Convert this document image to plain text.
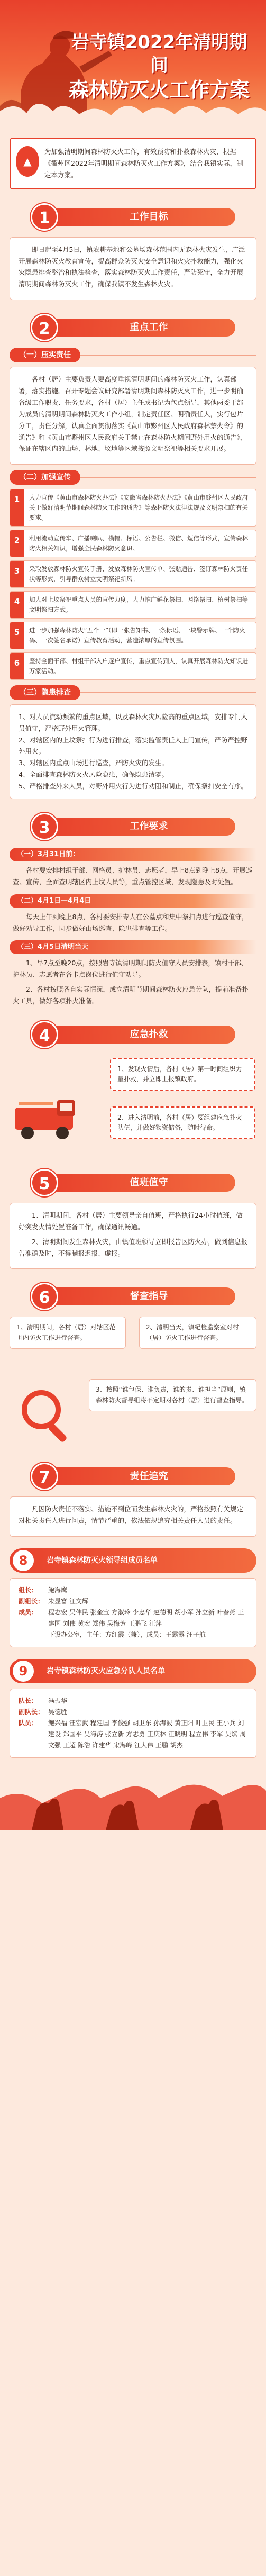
岩寺镇2022年清明期间
森林防灭火工作方案
▲

为加强清明期间森林防灭火工作，有效预防和扑救森林火灾，根据《衢州区2022年清明期间森林防灭火工作方案》，结合我镇实际，制定本方案。

工作目标
1

即日起至4月5日，镇农耕基地和公墓场森林范围内无森林火灾发生，广泛开展森林防灭火教育宣传，提高群众防灭火安全意识和火灾扑救能力，强化火灾隐患排查整治和执法检查，落实森林防灭火工作责任，严防死守，全力开展清明期间森林防灭火工作，确保我镇不发生森林火灾。

重点工作
2
（一）压实责任

各村（居）主要负责人要高度重视清明期间的森林防灭火工作，认真部署，落实措施。召开专题会议研究部署清明期间森林防灭火工作，进一步明确各级工作职责、任务要求，各村（居）主任或书记为包点领导，其他两委干部为成员的清明期间森林防灭火工作小组，制定责任区、明确责任人，实行包片分工，责任分解，认真全面贯彻落实《黄山市黟州区人民政府森林禁火令》的通告》和《黄山市黟州区人民政府关于禁止在森林防火期间野外用火的通告》，保证在辖区内的山场、林地、坟地等区域按照文明祭祀等相关要求开展。

（二）加强宣传
1	大力宣传《黄山市森林防火办法》《安徽省森林防火办法》《黄山市黟州区人民政府关于做好清明节期间森林防火工作的通告》等森林防火法律法规及文明祭扫的有关要求。
2	利用流动宣传车、广播喇叭、横幅、标语、公告栏、微信、短信等形式，宣传森林防火相关知识，增强全民森林防火意识。
3	采取发放森林防火宣传手册、发放森林防火宣传单、张贴通告、签订森林防火责任状等形式，引导群众树立文明祭祀新风。
4	加大对上坟祭祀重点人员的宣传力度，大力推广鲜花祭扫、网络祭扫、植树祭扫等文明祭扫方式。
5	进一步加强森林防火“五个一”（即一张告知书、一条标语、一块警示牌、一个防火码、一次签名承诺）宣传教育活动，营造浓厚的宣传氛围。
6	坚持全面干部、村组干部入户逐户宣传，重点宣传到人，认真开展森林防火知识进万家活动。
（三）隐患排查

1、对人员流动频繁的重点区域，以及森林火灾风险高的重点区域，安排专门人员值守，严格野外用火管理。

2、对辖区内的上坟祭扫行为进行排查，落实监管责任人上门宣传，严防严控野外用火。

3、对辖区内重点山场进行巡查，严防火灾的发生。

4、全面排查森林防灭火风险隐患，确保隐患清零。

5、严格排查外来人员，对野外用火行为进行劝阻和制止，确保祭扫安全有序。

工作要求
3
（一）3月31日前：

各村要安排村组干部、网格员、护林员、志愿者，早上8点到晚上8点，开展巡查、宣传，全面查明辖区内上坟人员等，重点管控区域，发现隐患及时处置。

（二）4月1日—4月4日

每天上午到晚上8点，各村要安排专人在公墓点和集中祭扫点进行巡查值守，做好劝导工作，同步做好山场巡查、隐患排查等工作。

（三）4月5日清明当天

1、早7点至晚20点，按照岩寺镇清明期间防火值守人员安排表，镇村干部、护林员、志愿者在各卡点岗位进行值守劝导。

2、各村按照各自实际情况，成立清明节期间森林防火应急分队，提前准备扑火工具，做好各项扑火准备。

应急扑救
4
1、发现火情后，各村（居）第一时间组织力量扑救，并立即上报镇政府。
2、进入清明前，各村（居）要组建应急扑火队伍，并做好物资储备，随时待命。
值班值守
5

1、清明期间，各村（居）主要领导亲自值班，严格执行24小时值班，做好突发火情处置准备工作，确保通讯畅通。

2、清明期间发生森林火灾，由镇值班领导立即报告区防火办，做到信息报告准确及时，不得瞒报迟报、虚报。

督查指导
6
1、清明期间，各村（居）对辖区范围内防火工作进行督查。
2、清明当天，镇纪检监察室对村（居）防火工作进行督查。
3、按照“谁包保、谁负责，谁的责、谁担当”原则，镇森林防火督导组将不定期对各村（居）进行督查指导。
责任追究
7

凡因防火责任不落实、措施不到位而发生森林火灾的，严格按照有关规定对相关责任人进行问责，情节严重的，依法依规追究相关责任人员的责任。

8	岩寺镇森林防灭火领导组成员名单
组长：	鲍海鹰
副组长： 朱显富 汪文辉
成员：	程志宏 吴伟民 张金宝 方淑玲 李忠华 赵德明 胡小军 孙立新 叶春燕 王建国 刘伟 黄宏 郑伟 吴梅芳 王鹏飞 汪萍
下设办公室，主任：方红霞（兼），成员：王露露 汪子航
9	岩寺镇森林防灭火应急分队人员名单
队长：	冯振华
副队长： 吴德胜
队员：	鲍兴福 汪宏武 程建国 李俊强 胡卫东 孙海波 黄正阳 叶卫民 王小兵 刘建设 郑国平 吴海涛 张立新 方志勇 王庆林 汪晓明 程立伟 李军 吴斌 周文强 王超 陈浩 许建华 宋海峰 江大伟 王鹏 胡杰
